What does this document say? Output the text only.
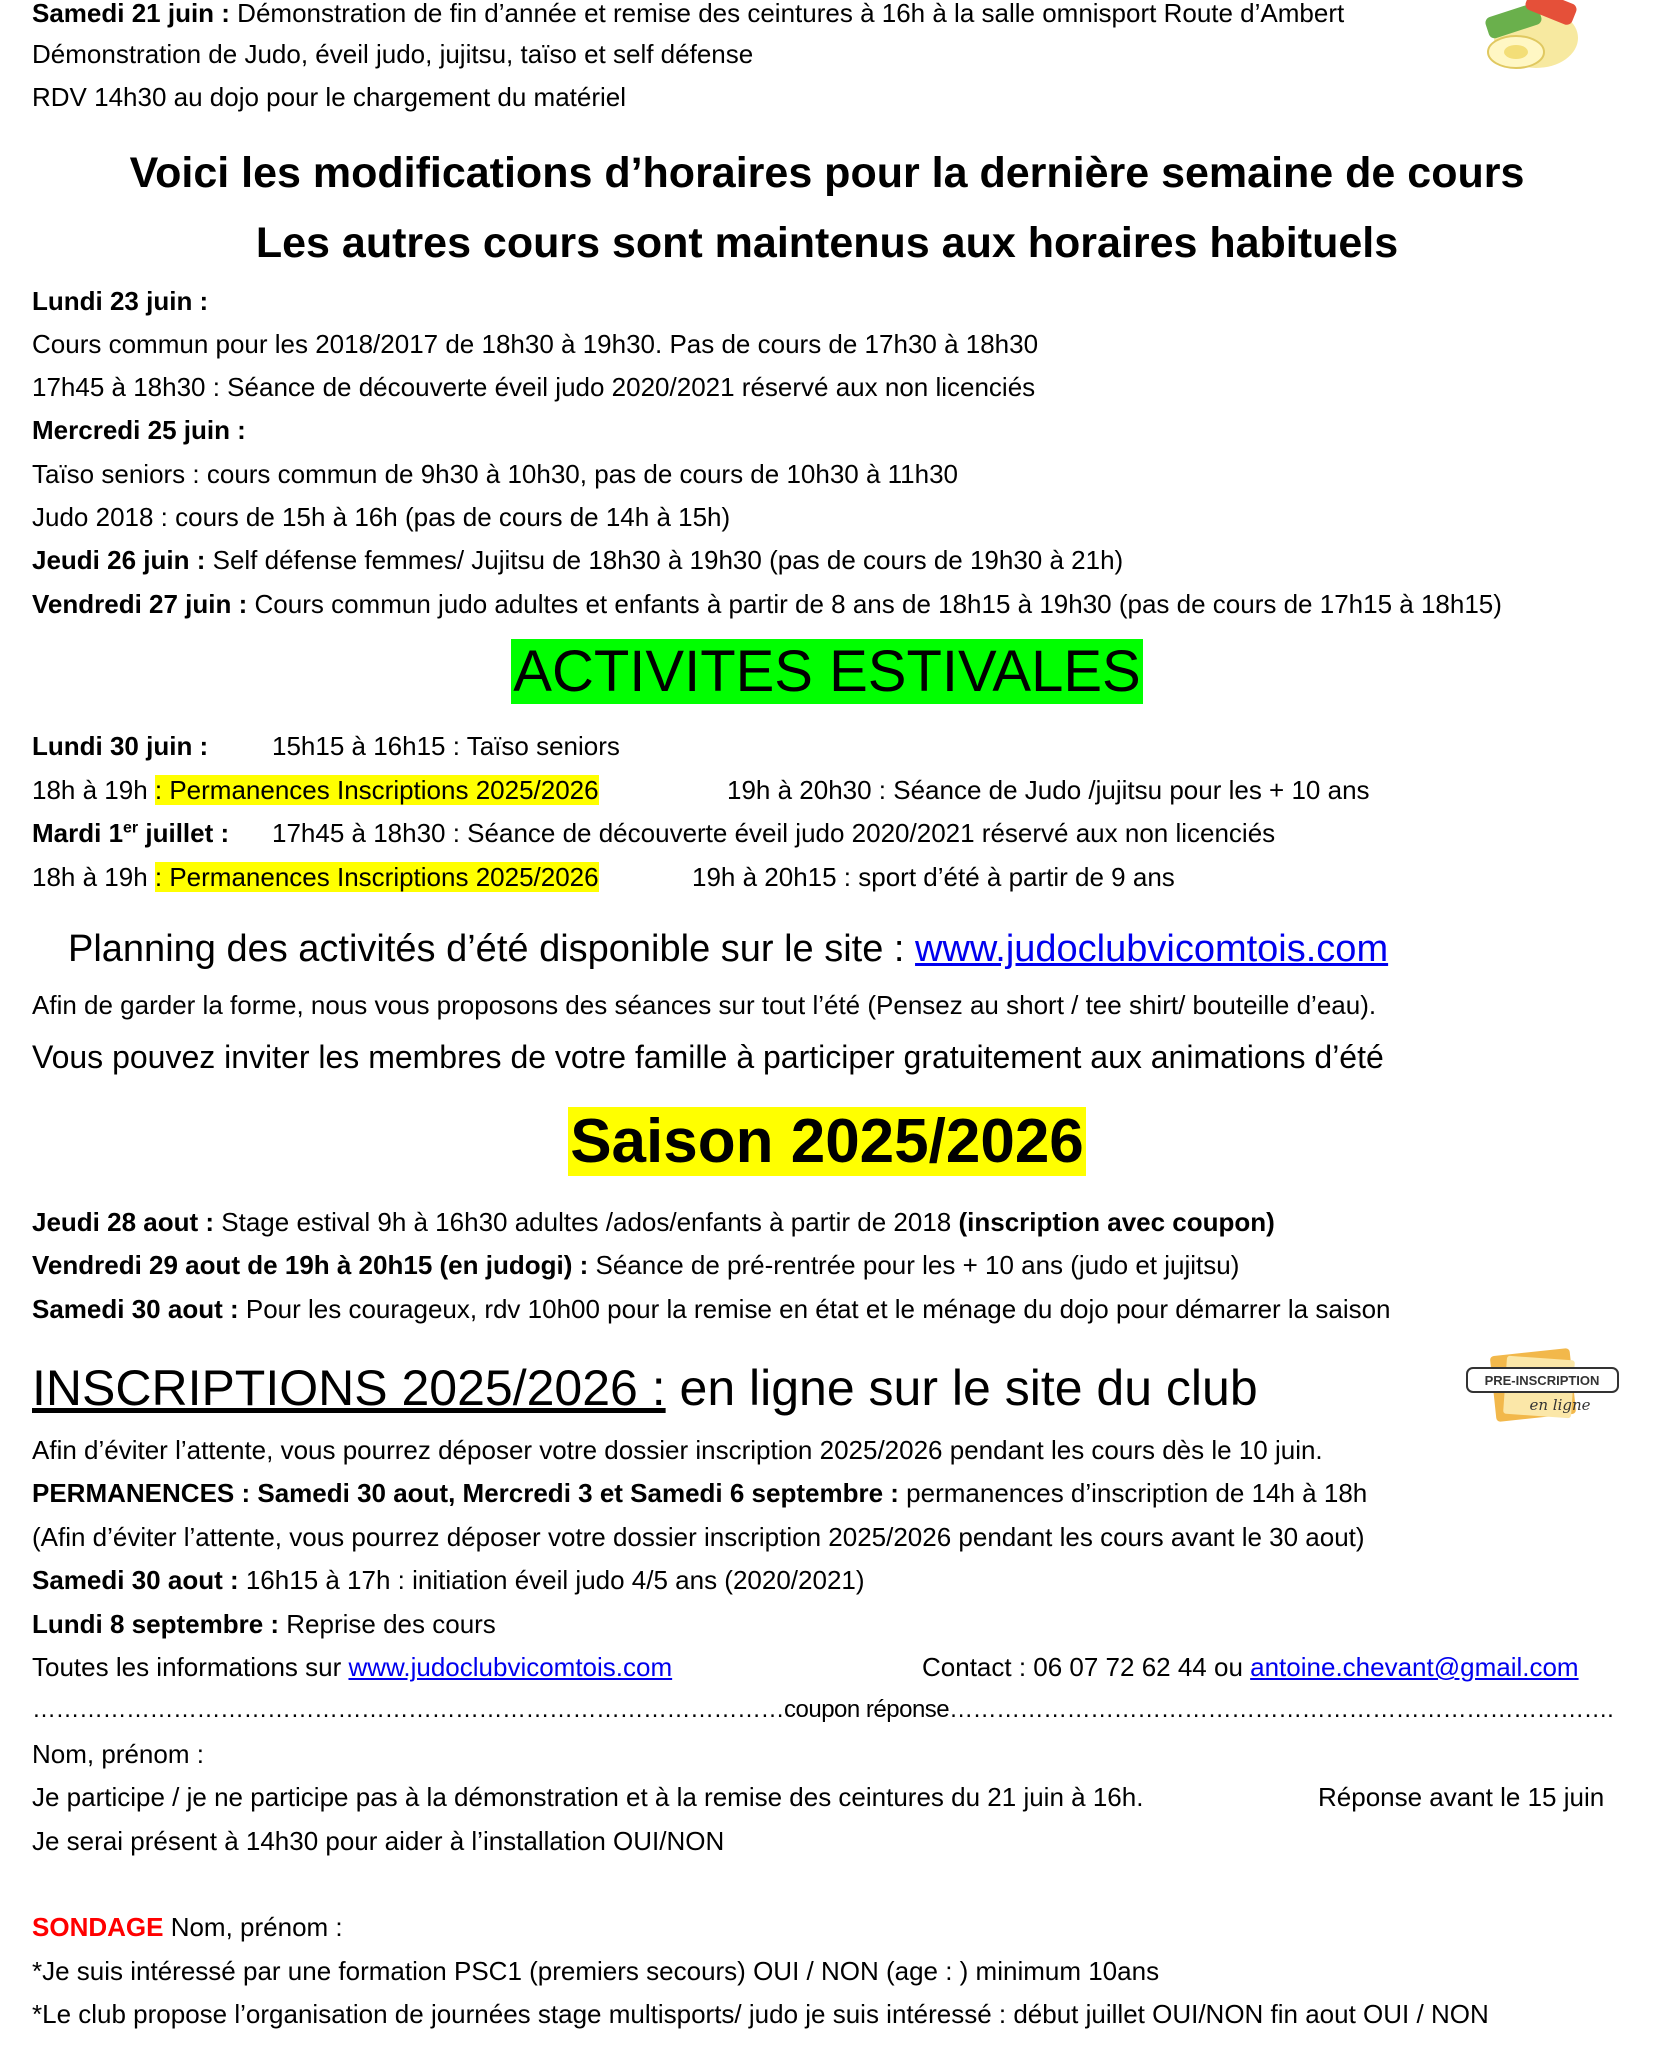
Samedi 21 juin : Démonstration de fin d’année et remise des ceintures à 16h à la salle omnisport Route d’Ambert
Démonstration de Judo, éveil judo, jujitsu, taïso et self défense
RDV 14h30 au dojo pour le chargement du matériel
Voici les modifications d’horaires pour la dernière semaine de cours
Les autres cours sont maintenus aux horaires habituels
Lundi 23 juin :
Cours commun pour les 2018/2017 de 18h30 à 19h30. Pas de cours de 17h30 à 18h30
17h45 à 18h30 : Séance de découverte éveil judo 2020/2021 réservé aux non licenciés
Mercredi 25 juin :
Taïso seniors : cours commun de 9h30 à 10h30, pas de cours de 10h30 à 11h30
Judo 2018 : cours de 15h à 16h (pas de cours de 14h à 15h)
Jeudi 26 juin : Self défense femmes/ Jujitsu de 18h30 à 19h30 (pas de cours de 19h30 à 21h)
Vendredi 27 juin : Cours commun judo adultes et enfants à partir de 8 ans de 18h15 à 19h30 (pas de cours de 17h15 à 18h15)
ACTIVITES ESTIVALES
Lundi 30 juin : 15h15 à 16h15 : Taïso seniors
18h à 19h : Permanences Inscriptions 2025/2026	19h à 20h30 : Séance de Judo /jujitsu pour les + 10 ans
Mardi 1er juillet : 17h45 à 18h30 : Séance de découverte éveil judo 2020/2021 réservé aux non licenciés
18h à 19h : Permanences Inscriptions 2025/2026	19h à 20h15 : sport d’été à partir de 9 ans
Planning des activités d’été disponible sur le site : www.judoclubvicomtois.com
Afin de garder la forme, nous vous proposons des séances sur tout l’été (Pensez au short / tee shirt/ bouteille d’eau).
Vous pouvez inviter les membres de votre famille à participer gratuitement aux animations d’été
Saison 2025/2026
Jeudi 28 aout : Stage estival 9h à 16h30 adultes /ados/enfants à partir de 2018 (inscription avec coupon)
Vendredi 29 aout de 19h à 20h15 (en judogi) : Séance de pré-rentrée pour les + 10 ans (judo et jujitsu)
Samedi 30 aout : Pour les courageux, rdv 10h00 pour la remise en état et le ménage du dojo pour démarrer la saison
INSCRIPTIONS 2025/2026 : en ligne sur le site du club	PRE-INSCRIPTION
en ligne
Afin d’éviter l’attente, vous pourrez déposer votre dossier inscription 2025/2026 pendant les cours dès le 10 juin.
PERMANENCES : Samedi 30 aout, Mercredi 3 et Samedi 6 septembre : permanences d’inscription de 14h à 18h
(Afin d’éviter l’attente, vous pourrez déposer votre dossier inscription 2025/2026 pendant les cours avant le 30 aout)
Samedi 30 aout : 16h15 à 17h : initiation éveil judo 4/5 ans (2020/2021)
Lundi 8 septembre : Reprise des cours
Toutes les informations sur www.judoclubvicomtois.com	Contact : 06 07 72 62 44 ou antoine.chevant@gmail.com
……………………………………………………………………………………coupon réponse………………………………………………………………………….
Nom, prénom :
Je participe / je ne participe pas à la démonstration et à la remise des ceintures du 21 juin à 16h.	Réponse avant le 15 juin
Je serai présent à 14h30 pour aider à l’installation OUI/NON
SONDAGE Nom, prénom :
*Je suis intéressé par une formation PSC1 (premiers secours) OUI / NON (age : ) minimum 10ans
*Le club propose l’organisation de journées stage multisports/ judo je suis intéressé : début juillet OUI/NON fin aout OUI / NON
